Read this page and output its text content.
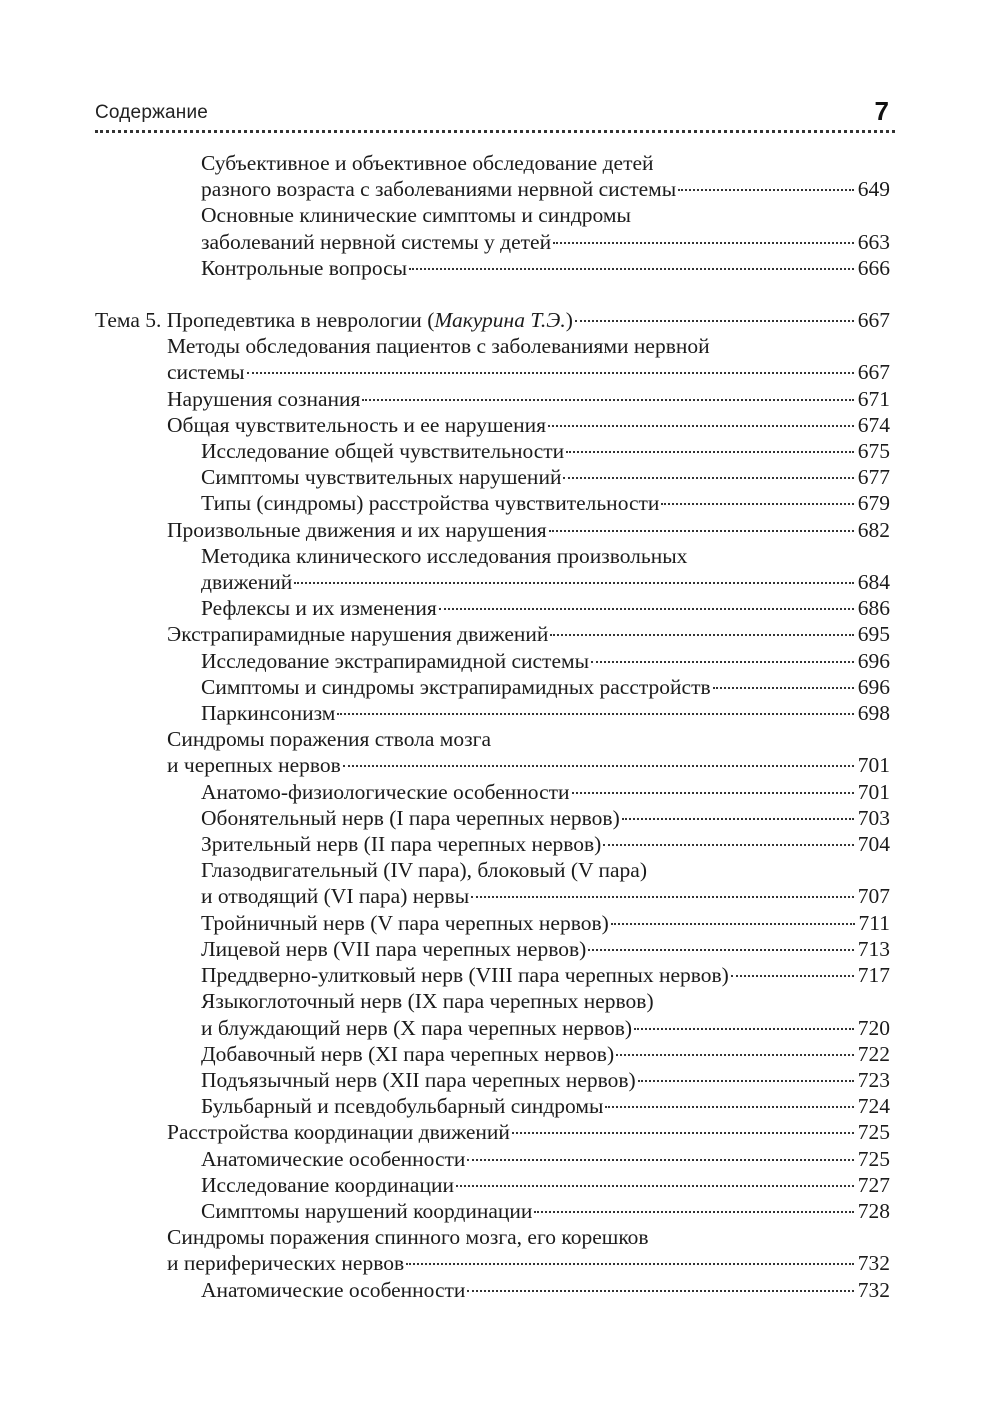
Содержание	7
Субъективное и объективное обследование детей
разного возраста с заболеваниями нервной системы	649
Основные клинические симптомы и синдромы
заболеваний нервной системы у детей	663
Контрольные вопросы	666
Тема 5. Пропедевтика в неврологии ( Макурина Т.Э. )	667
Методы обследования пациентов с заболеваниями нервной
системы	667
Нарушения сознания	671
Общая чувствительность и ее нарушения	674
Исследование общей чувствительности	675
Симптомы чувствительных нарушений	677
Типы (синдромы) расстройства чувствительности	679
Произвольные движения и их нарушения	682
Методика клинического исследования произвольных
движений	684
Рефлексы и их изменения	686
Экстрапирамидные нарушения движений	695
Исследование экстрапирамидной системы	696
Симптомы и синдромы экстрапирамидных расстройств	696
Паркинсонизм	698
Синдромы поражения ствола мозга
и черепных нервов	701
Анатомо-физиологические особенности	701
Обонятельный нерв (I пара черепных нервов)	703
Зрительный нерв (II пара черепных нервов)	704
Глазодвигательный (IV пара), блоковый (V пара)
и отводящий (VI пара) нервы	707
Тройничный нерв (V пара черепных нервов)	711
Лицевой нерв (VII пара черепных нервов)	713
Преддверно-улитковый нерв (VIII пара черепных нервов)	717
Языкоглоточный нерв (IX пара черепных нервов)
и блуждающий нерв (X пара черепных нервов)	720
Добавочный нерв (XI пара черепных нервов)	722
Подъязычный нерв (XII пара черепных нервов)	723
Бульбарный и псевдобульбарный синдромы	724
Расстройства координации движений	725
Анатомические особенности	725
Исследование координации	727
Симптомы нарушений координации	728
Синдромы поражения спинного мозга, его корешков
и периферических нервов	732
Анатомические особенности	732
